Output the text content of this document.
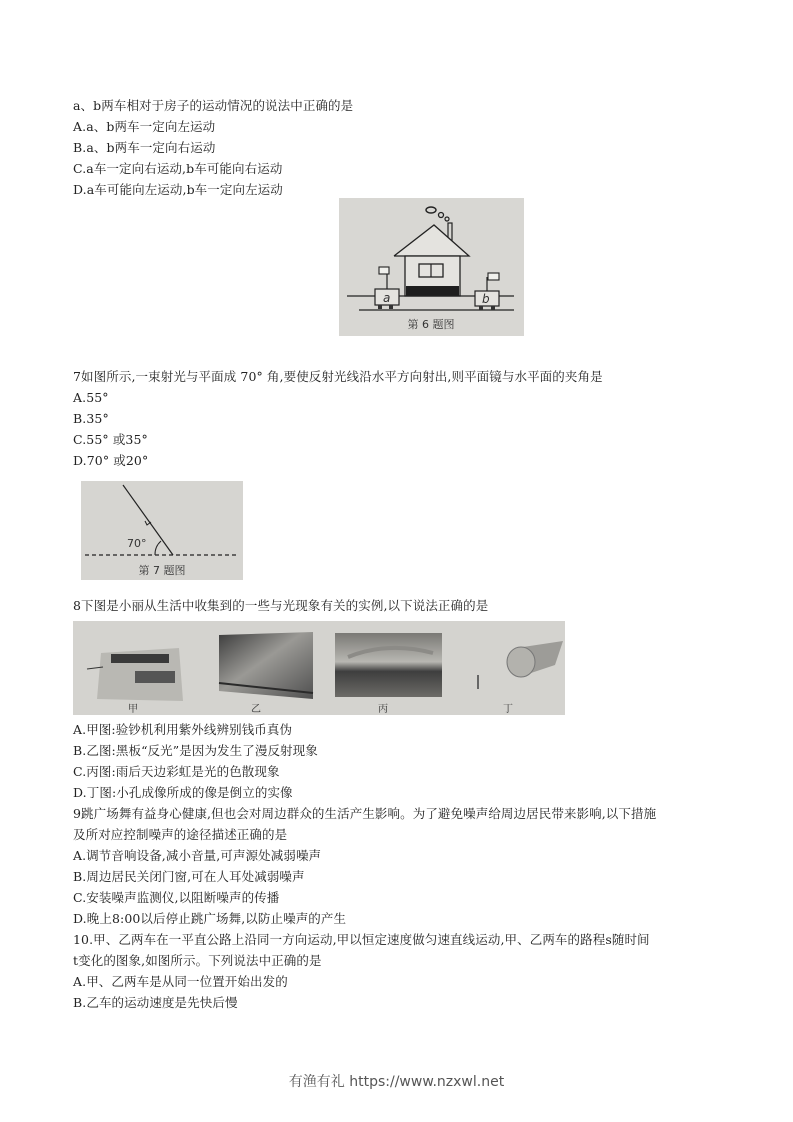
a、b两车相对于房子的运动情况的说法中正确的是
A.a、b两车一定向左运动
B.a、b两车一定向右运动
C.a车一定向右运动,b车可能向右运动
D.a车可能向左运动,b车一定向左运动
a	b
第 6 题图
7如图所示,一束射光与平面成 70° 角,要使反射光线沿水平方向射出,则平面镜与水平面的夹角是
A.55°
B.35°
C.55° 或35°
D.70° 或20°
70°
第 7 题图
8下图是小丽从生活中收集到的一些与光现象有关的实例,以下说法正确的是
甲	乙	丙	丁
A.甲图:验钞机利用紫外线辨别钱币真伪
B.乙图:黑板“反光”是因为发生了漫反射现象
C.丙图:雨后天边彩虹是光的色散现象
D.丁图:小孔成像所成的像是倒立的实像
9跳广场舞有益身心健康,但也会对周边群众的生活产生影响。为了避免噪声给周边居民带来影响,以下措施
及所对应控制噪声的途径描述正确的是
A.调节音响设备,减小音量,可声源处减弱噪声
B.周边居民关闭门窗,可在人耳处减弱噪声
C.安装噪声监测仪,以阻断噪声的传播
D.晚上8:00以后停止跳广场舞,以防止噪声的产生
10.甲、乙两车在一平直公路上沿同一方向运动,甲以恒定速度做匀速直线运动,甲、乙两车的路程s随时间
t变化的图象,如图所示。下列说法中正确的是
A.甲、乙两车是从同一位置开始出发的
B.乙车的运动速度是先快后慢
有渔有礼 https://www.nzxwl.net
